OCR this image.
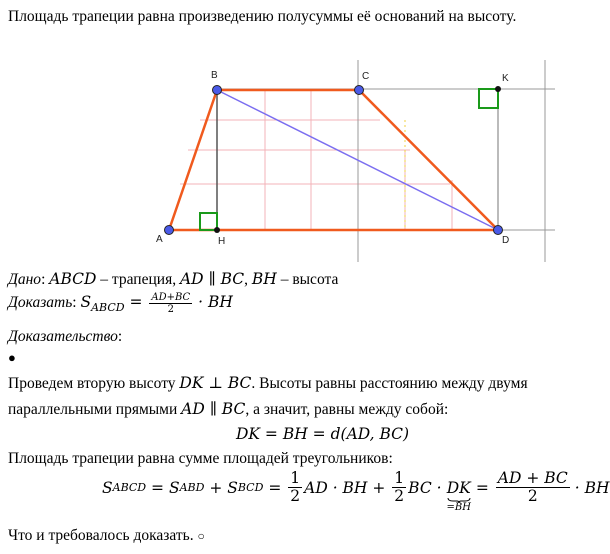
Площадь трапеции равна произведению полусуммы её оснований на высоту.
A
B	C
D
H
K
Дано: ABCD – трапеция, AD ∥ BC, BH – высота
Доказать: $S_{ABCD} = \frac{AD+BC}{2}$ · BH
Доказательство:
●
Проведем вторую высоту DK ⊥ BC. Высоты равны расстоянию между двумя
параллельными прямыми AD ∥ BC, а значит, равны между собой:
DK = BH = d(AD, BC)
Площадь трапеции равна сумме площадей треугольников:
S ABCD = S ABD + S BCD = $\frac{1}{2}$ AD · BH + $\frac{1}{2}$ BC · DK
=BH
= $\frac{AD + BC}{2}$ · BH
Что и требовалось доказать. ○
